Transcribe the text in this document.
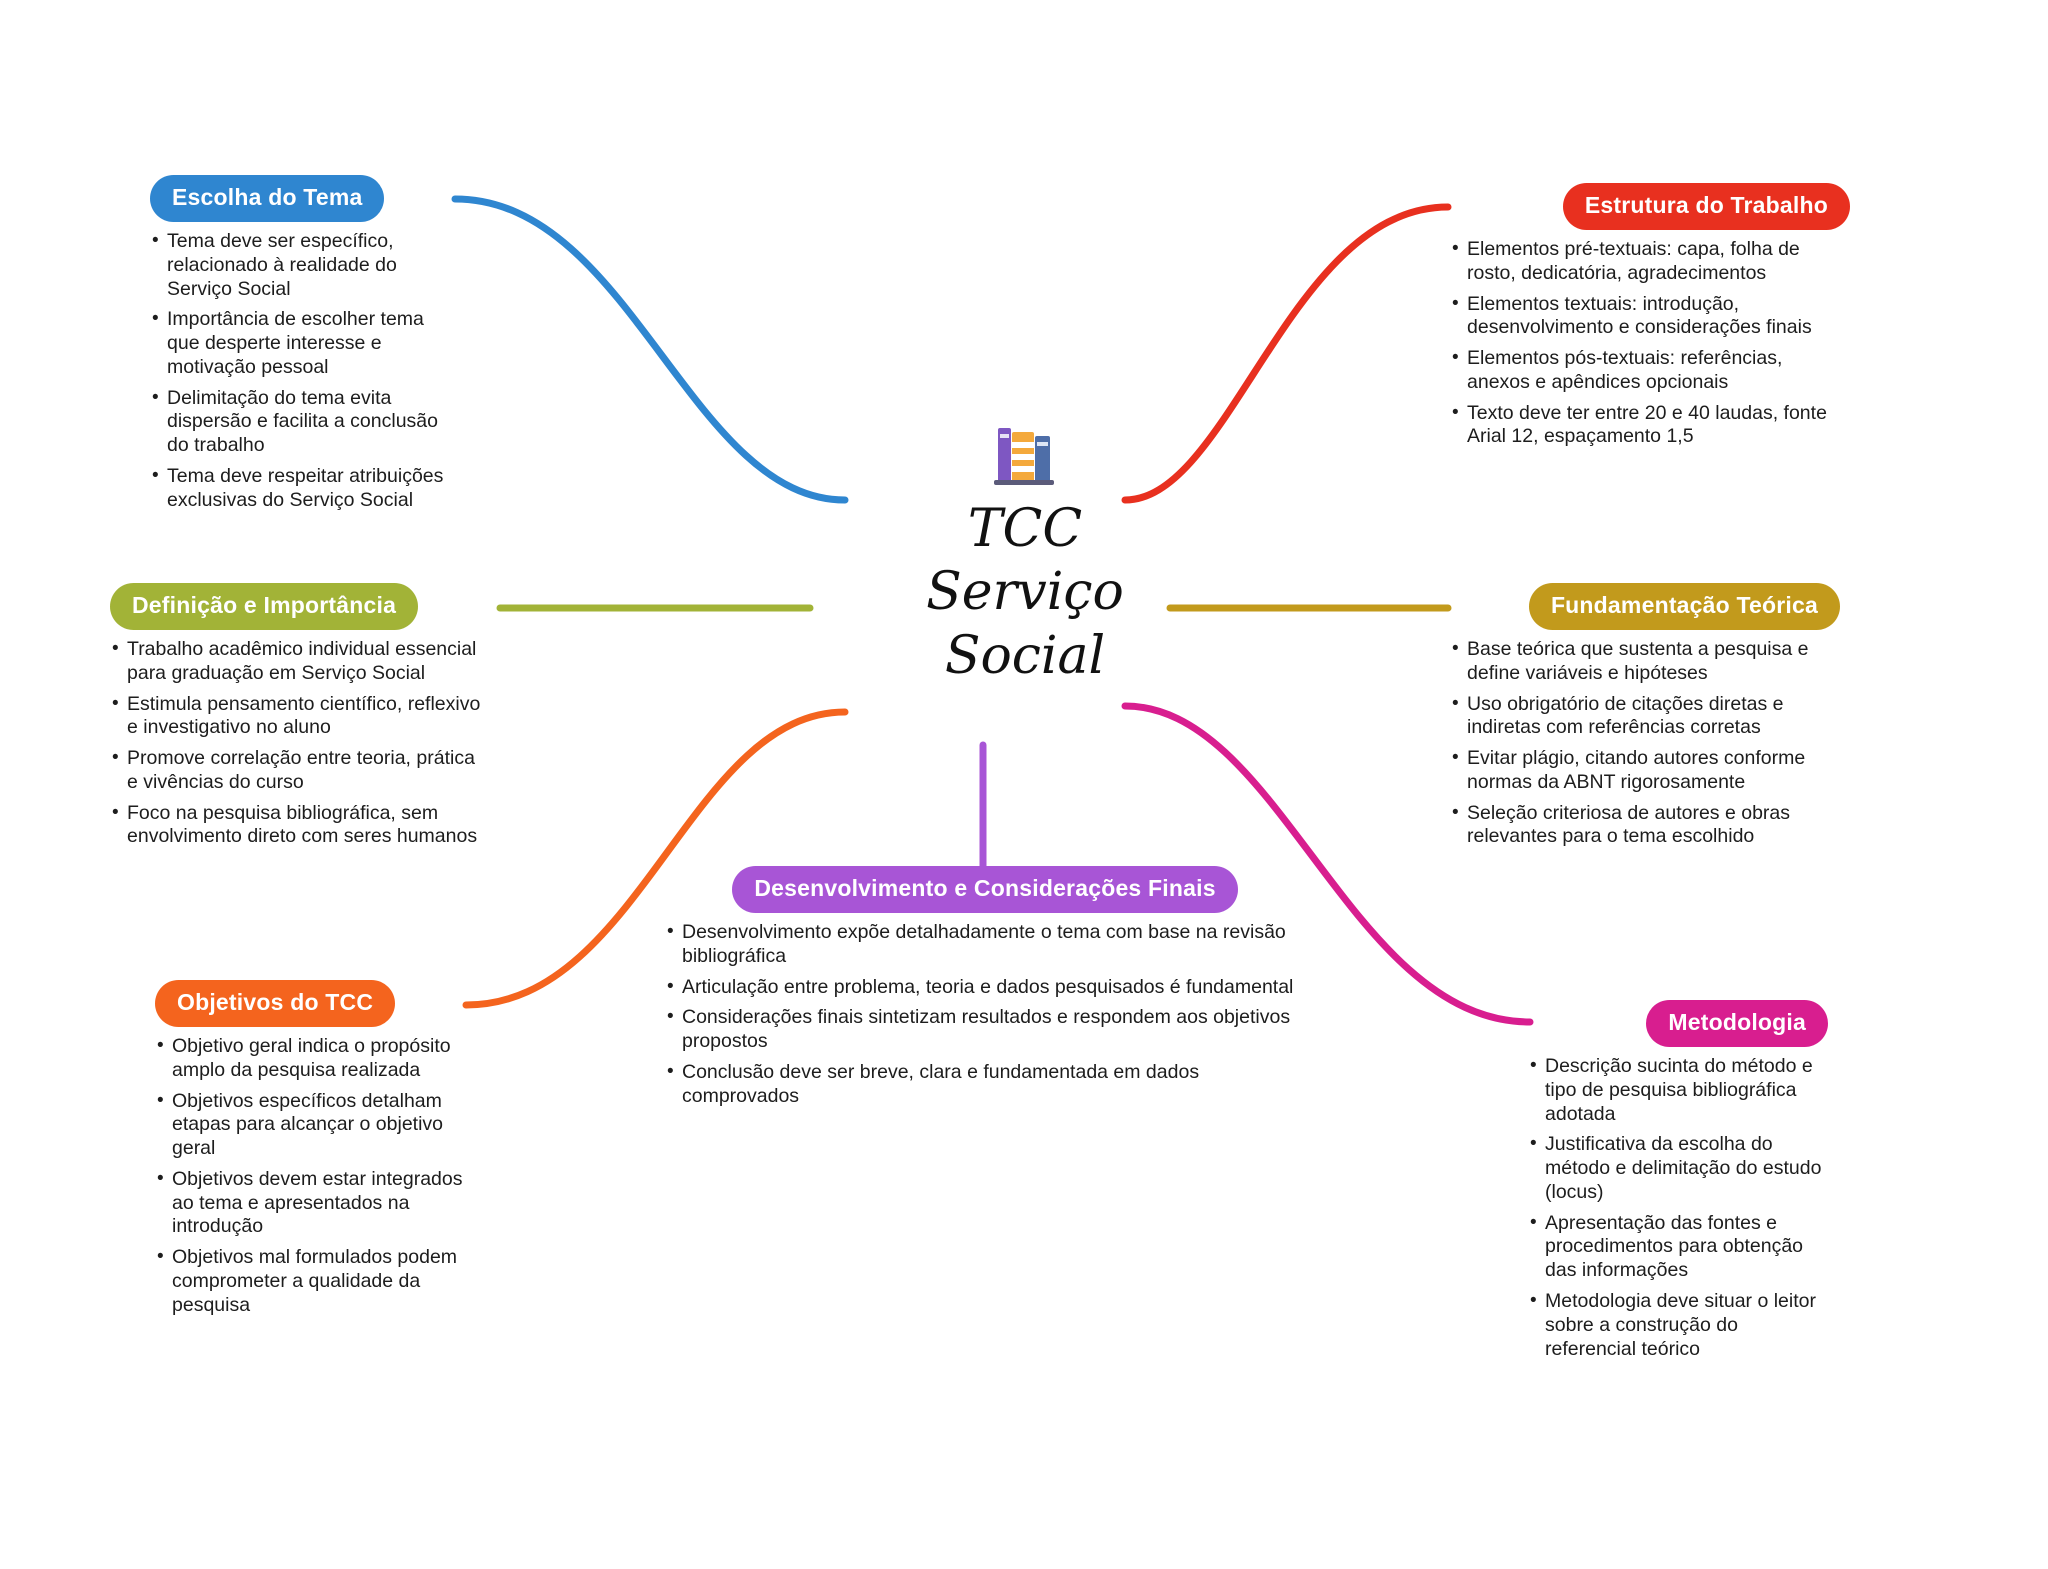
TCC
Serviço
Social
Escolha do Tema
• Tema deve ser específico, relacionado à realidade do Serviço Social
• Importância de escolher tema que desperte interesse e motivação pessoal
• Delimitação do tema evita dispersão e facilita a conclusão do trabalho
• Tema deve respeitar atribuições exclusivas do Serviço Social
Definição e Importância
• Trabalho acadêmico individual essencial para graduação em Serviço Social
• Estimula pensamento científico, reflexivo e investigativo no aluno
• Promove correlação entre teoria, prática e vivências do curso
• Foco na pesquisa bibliográfica, sem envolvimento direto com seres humanos
Objetivos do TCC
• Objetivo geral indica o propósito amplo da pesquisa realizada
• Objetivos específicos detalham etapas para alcançar o objetivo geral
• Objetivos devem estar integrados ao tema e apresentados na introdução
• Objetivos mal formulados podem comprometer a qualidade da pesquisa
Estrutura do Trabalho
• Elementos pré-textuais: capa, folha de rosto, dedicatória, agradecimentos
• Elementos textuais: introdução, desenvolvimento e considerações finais
• Elementos pós-textuais: referências, anexos e apêndices opcionais
• Texto deve ter entre 20 e 40 laudas, fonte Arial 12, espaçamento 1,5
Fundamentação Teórica
• Base teórica que sustenta a pesquisa e define variáveis e hipóteses
• Uso obrigatório de citações diretas e indiretas com referências corretas
• Evitar plágio, citando autores conforme normas da ABNT rigorosamente
• Seleção criteriosa de autores e obras relevantes para o tema escolhido
Metodologia
• Descrição sucinta do método e tipo de pesquisa bibliográfica adotada
• Justificativa da escolha do método e delimitação do estudo (locus)
• Apresentação das fontes e procedimentos para obtenção das informações
• Metodologia deve situar o leitor sobre a construção do referencial teórico
Desenvolvimento e Considerações Finais
• Desenvolvimento expõe detalhadamente o tema com base na revisão bibliográfica
• Articulação entre problema, teoria e dados pesquisados é fundamental
• Considerações finais sintetizam resultados e respondem aos objetivos propostos
• Conclusão deve ser breve, clara e fundamentada em dados comprovados
